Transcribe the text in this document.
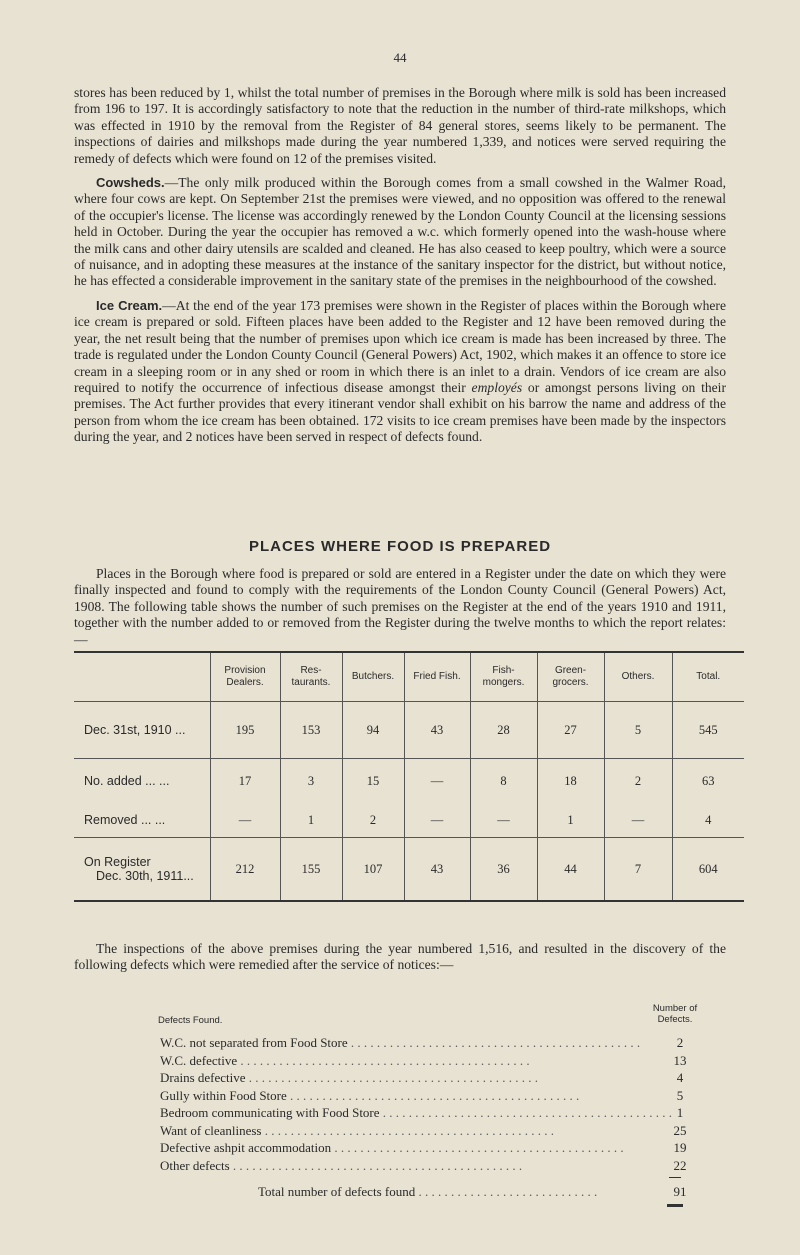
44

stores has been reduced by 1, whilst the total number of premises in the Borough where milk is sold has been increased from 196 to 197. It is accordingly satisfactory to note that the reduction in the number of third-rate milkshops, which was effected in 1910 by the removal from the Register of 84 general stores, seems likely to be permanent. The inspections of dairies and milkshops made during the year numbered 1,339, and notices were served requiring the remedy of defects which were found on 12 of the premises visited.

Cowsheds.—The only milk produced within the Borough comes from a small cowshed in the Walmer Road, where four cows are kept. On September 21st the premises were viewed, and no opposition was offered to the renewal of the occupier's license. The license was accordingly renewed by the London County Council at the licensing sessions held in October. During the year the occupier has removed a w.c. which formerly opened into the wash-house where the milk cans and other dairy utensils are scalded and cleaned. He has also ceased to keep poultry, which were a source of nuisance, and in adopting these measures at the instance of the sanitary inspector for the district, but without notice, he has effected a considerable improvement in the sanitary state of the premises in the neighbourhood of the cowshed.

Ice Cream.—At the end of the year 173 premises were shown in the Register of places within the Borough where ice cream is prepared or sold. Fifteen places have been added to the Register and 12 have been removed during the year, the net result being that the number of premises upon which ice cream is made has been increased by three. The trade is regulated under the London County Council (General Powers) Act, 1902, which makes it an offence to store ice cream in a sleeping room or in any shed or room in which there is an inlet to a drain. Vendors of ice cream are also required to notify the occurrence of infectious disease amongst their employés or amongst persons living on their premises. The Act further provides that every itinerant vendor shall exhibit on his barrow the name and address of the person from whom the ice cream has been obtained. 172 visits to ice cream premises have been made by the inspectors during the year, and 2 notices have been served in respect of defects found.

PLACES WHERE FOOD IS PREPARED

Places in the Borough where food is prepared or sold are entered in a Register under the date on which they were finally inspected and found to comply with the requirements of the London County Council (General Powers) Act, 1908. The following table shows the number of such premises on the Register at the end of the years 1910 and 1911, together with the number added to or removed from the Register during the twelve months to which the report relates:—

	Provision Dealers.	Res- taurants.	Butchers.	Fried Fish.	Fish- mongers.	Green- grocers.	Others.	Total.
Dec. 31st, 1910 ...	195	153	94	43	28	27	5	545
No. added ... ...	17	3	15	—	8	18	2	63
Removed ... ...	—	1	2	—	—	1	—	4

On Register
Dec. 30th, 1911...	212	155	107	43	36	44	7	604

The inspections of the above premises during the year numbered 1,516, and resulted in the discovery of the following defects which were remedied after the service of notices:—

Defects Found.
Number of Defects.
W.C. not separated from Food Store . . . . . . . . . . . . . . . . . . . . . . . . . . . . . . . . . . . . . . . . . . . . .	2
W.C. defective . . . . . . . . . . . . . . . . . . . . . . . . . . . . . . . . . . . . . . . . . . . . .	13
Drains defective . . . . . . . . . . . . . . . . . . . . . . . . . . . . . . . . . . . . . . . . . . . . .	4
Gully within Food Store . . . . . . . . . . . . . . . . . . . . . . . . . . . . . . . . . . . . . . . . . . . . .	5
Bedroom communicating with Food Store . . . . . . . . . . . . . . . . . . . . . . . . . . . . . . . . . . . . . . . . . . . . . 1
Want of cleanliness . . . . . . . . . . . . . . . . . . . . . . . . . . . . . . . . . . . . . . . . . . . . .	25
Defective ashpit accommodation . . . . . . . . . . . . . . . . . . . . . . . . . . . . . . . . . . . . . . . . . . . . .	19
Other defects . . . . . . . . . . . . . . . . . . . . . . . . . . . . . . . . . . . . . . . . . . . . .	22
Total number of defects found . . . . . . . . . . . . . . . . . . . . . . . . . . . .	91
